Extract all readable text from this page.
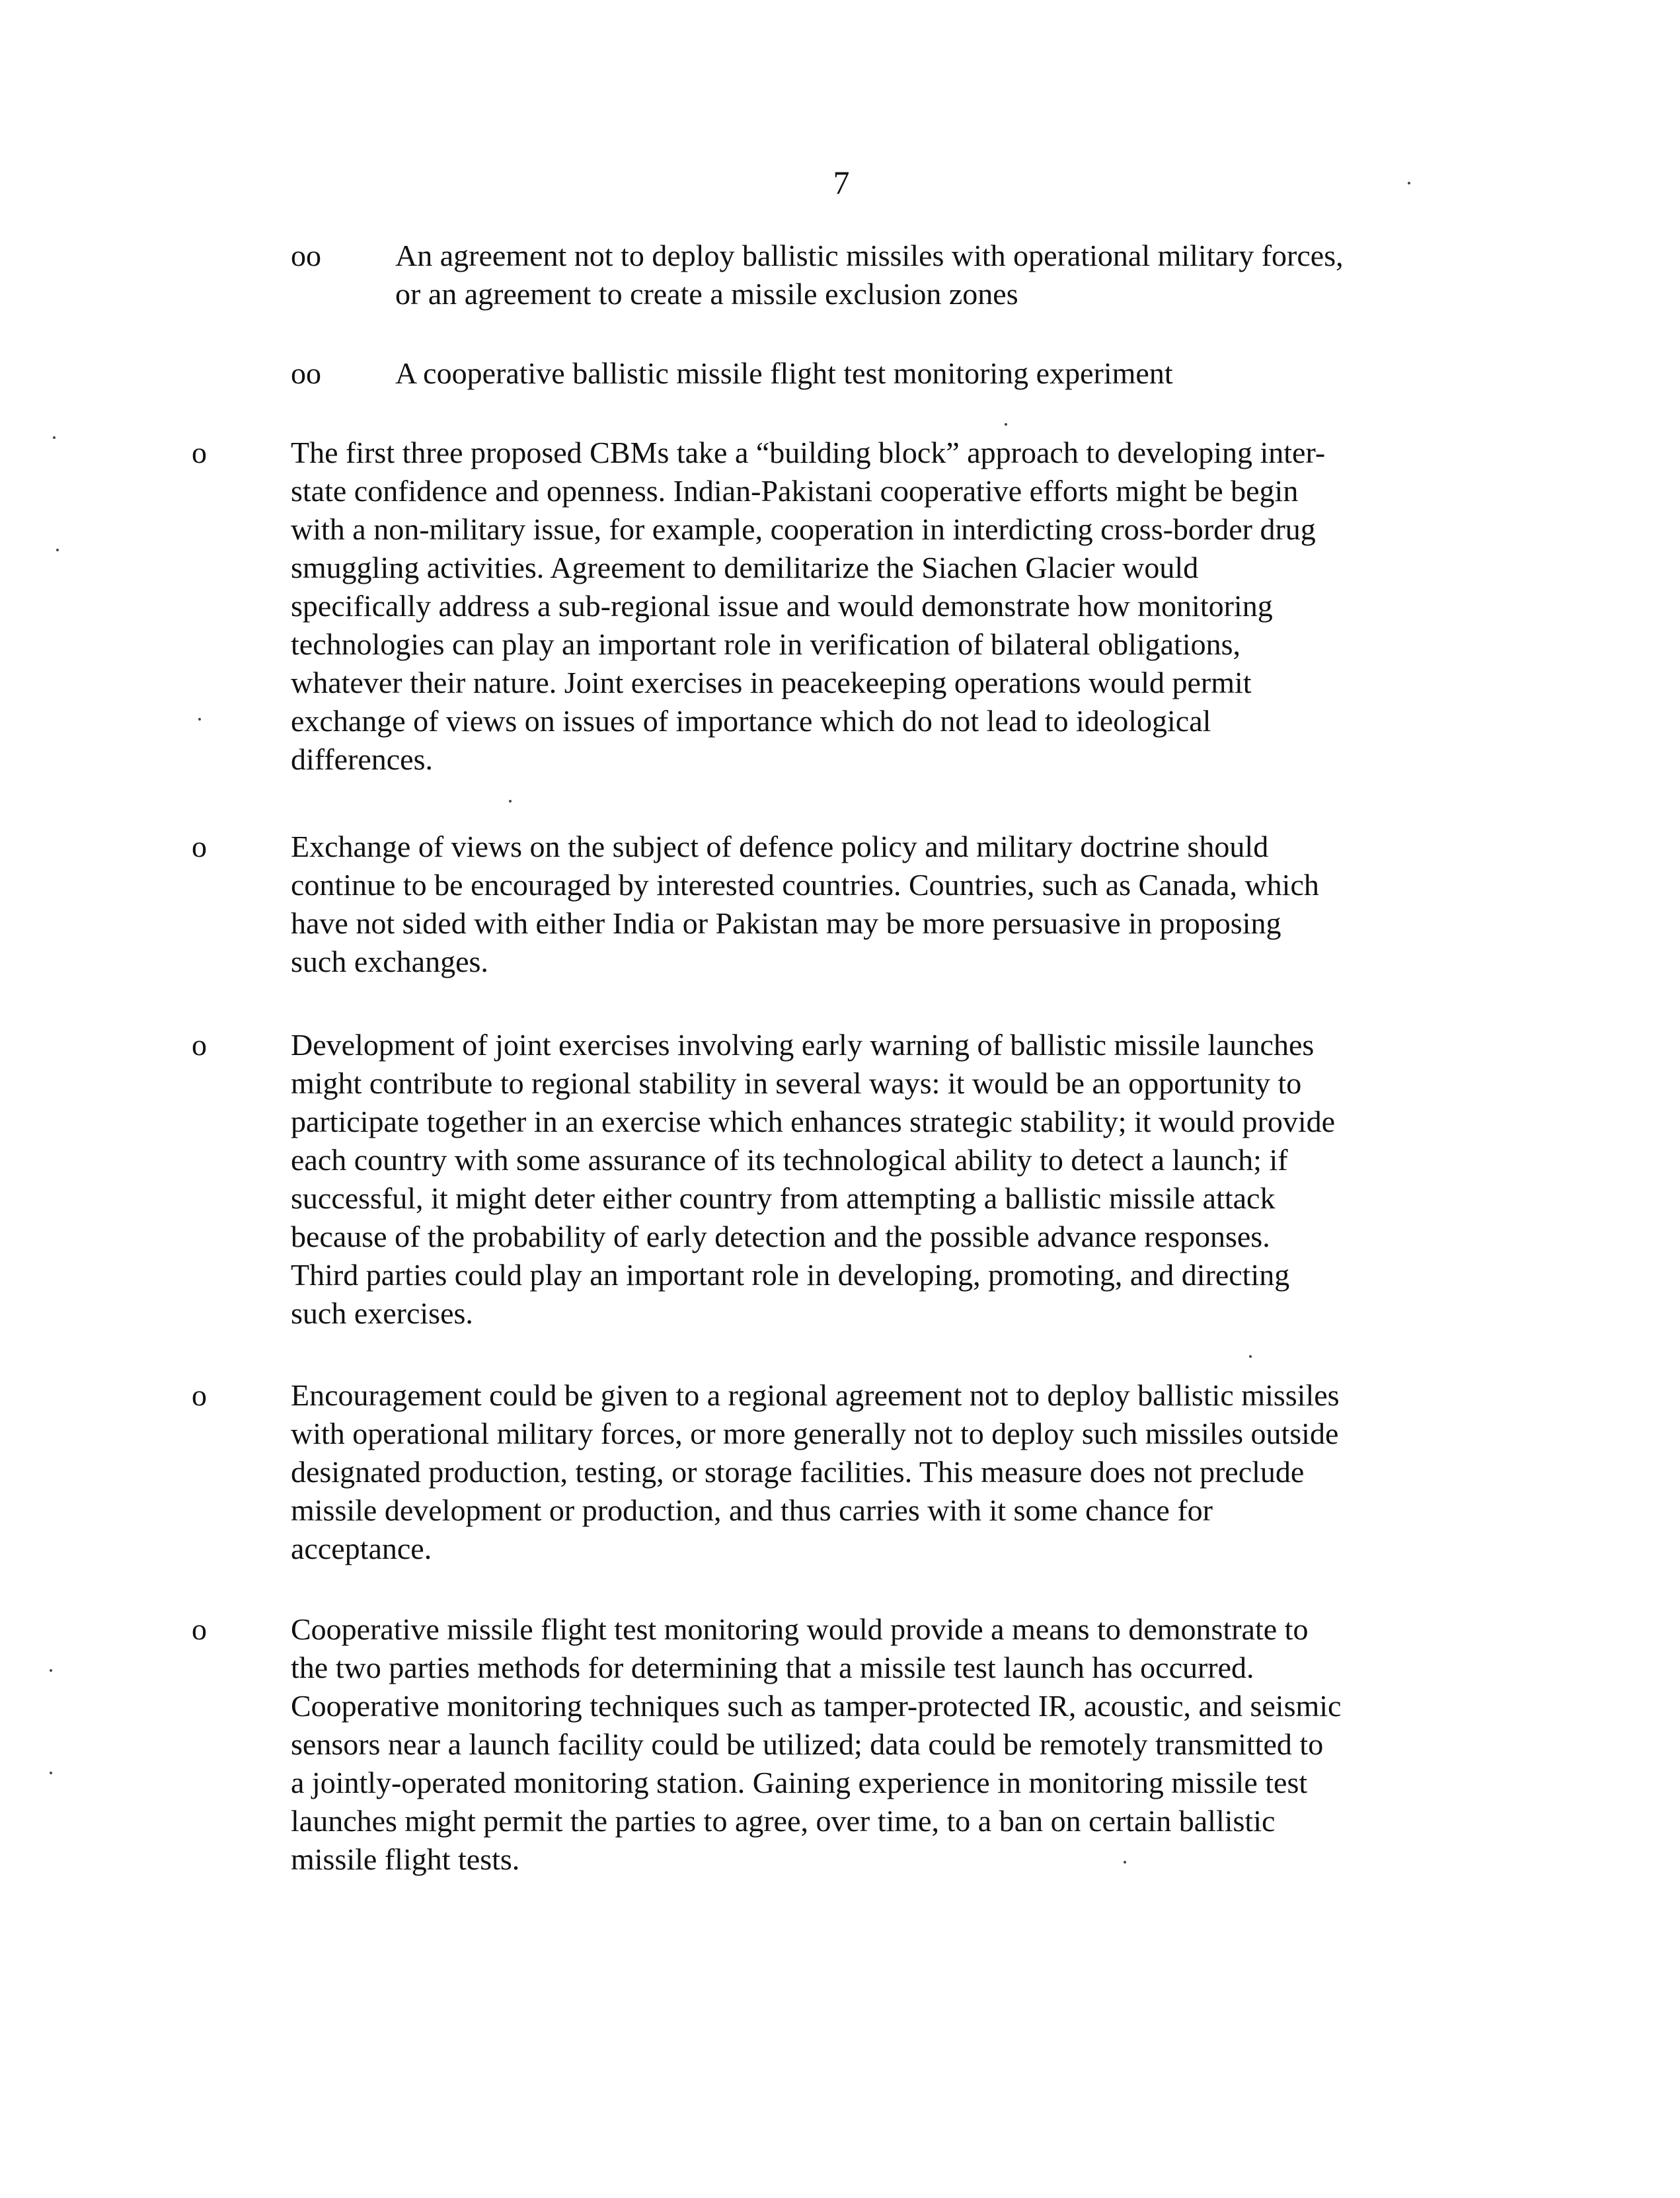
7
oo An agreement not to deploy ballistic missiles with operational military forces,
or an agreement to create a missile exclusion zones
oo A cooperative ballistic missile flight test monitoring experiment
o	The first three proposed CBMs take a “building block” approach to developing inter-
state confidence and openness. Indian-Pakistani cooperative efforts might be begin
with a non-military issue, for example, cooperation in interdicting cross-border drug
smuggling activities. Agreement to demilitarize the Siachen Glacier would
specifically address a sub-regional issue and would demonstrate how monitoring
technologies can play an important role in verification of bilateral obligations,
whatever their nature. Joint exercises in peacekeeping operations would permit
exchange of views on issues of importance which do not lead to ideological
differences.
o	Exchange of views on the subject of defence policy and military doctrine should
continue to be encouraged by interested countries. Countries, such as Canada, which
have not sided with either India or Pakistan may be more persuasive in proposing
such exchanges.
o	Development of joint exercises involving early warning of ballistic missile launches
might contribute to regional stability in several ways: it would be an opportunity to
participate together in an exercise which enhances strategic stability; it would provide
each country with some assurance of its technological ability to detect a launch; if
successful, it might deter either country from attempting a ballistic missile attack
because of the probability of early detection and the possible advance responses.
Third parties could play an important role in developing, promoting, and directing
such exercises.
o	Encouragement could be given to a regional agreement not to deploy ballistic missiles
with operational military forces, or more generally not to deploy such missiles outside
designated production, testing, or storage facilities. This measure does not preclude
missile development or production, and thus carries with it some chance for
acceptance.
o	Cooperative missile flight test monitoring would provide a means to demonstrate to
the two parties methods for determining that a missile test launch has occurred.
Cooperative monitoring techniques such as tamper-protected IR, acoustic, and seismic
sensors near a launch facility could be utilized; data could be remotely transmitted to
a jointly-operated monitoring station. Gaining experience in monitoring missile test
launches might permit the parties to agree, over time, to a ban on certain ballistic
missile flight tests.
